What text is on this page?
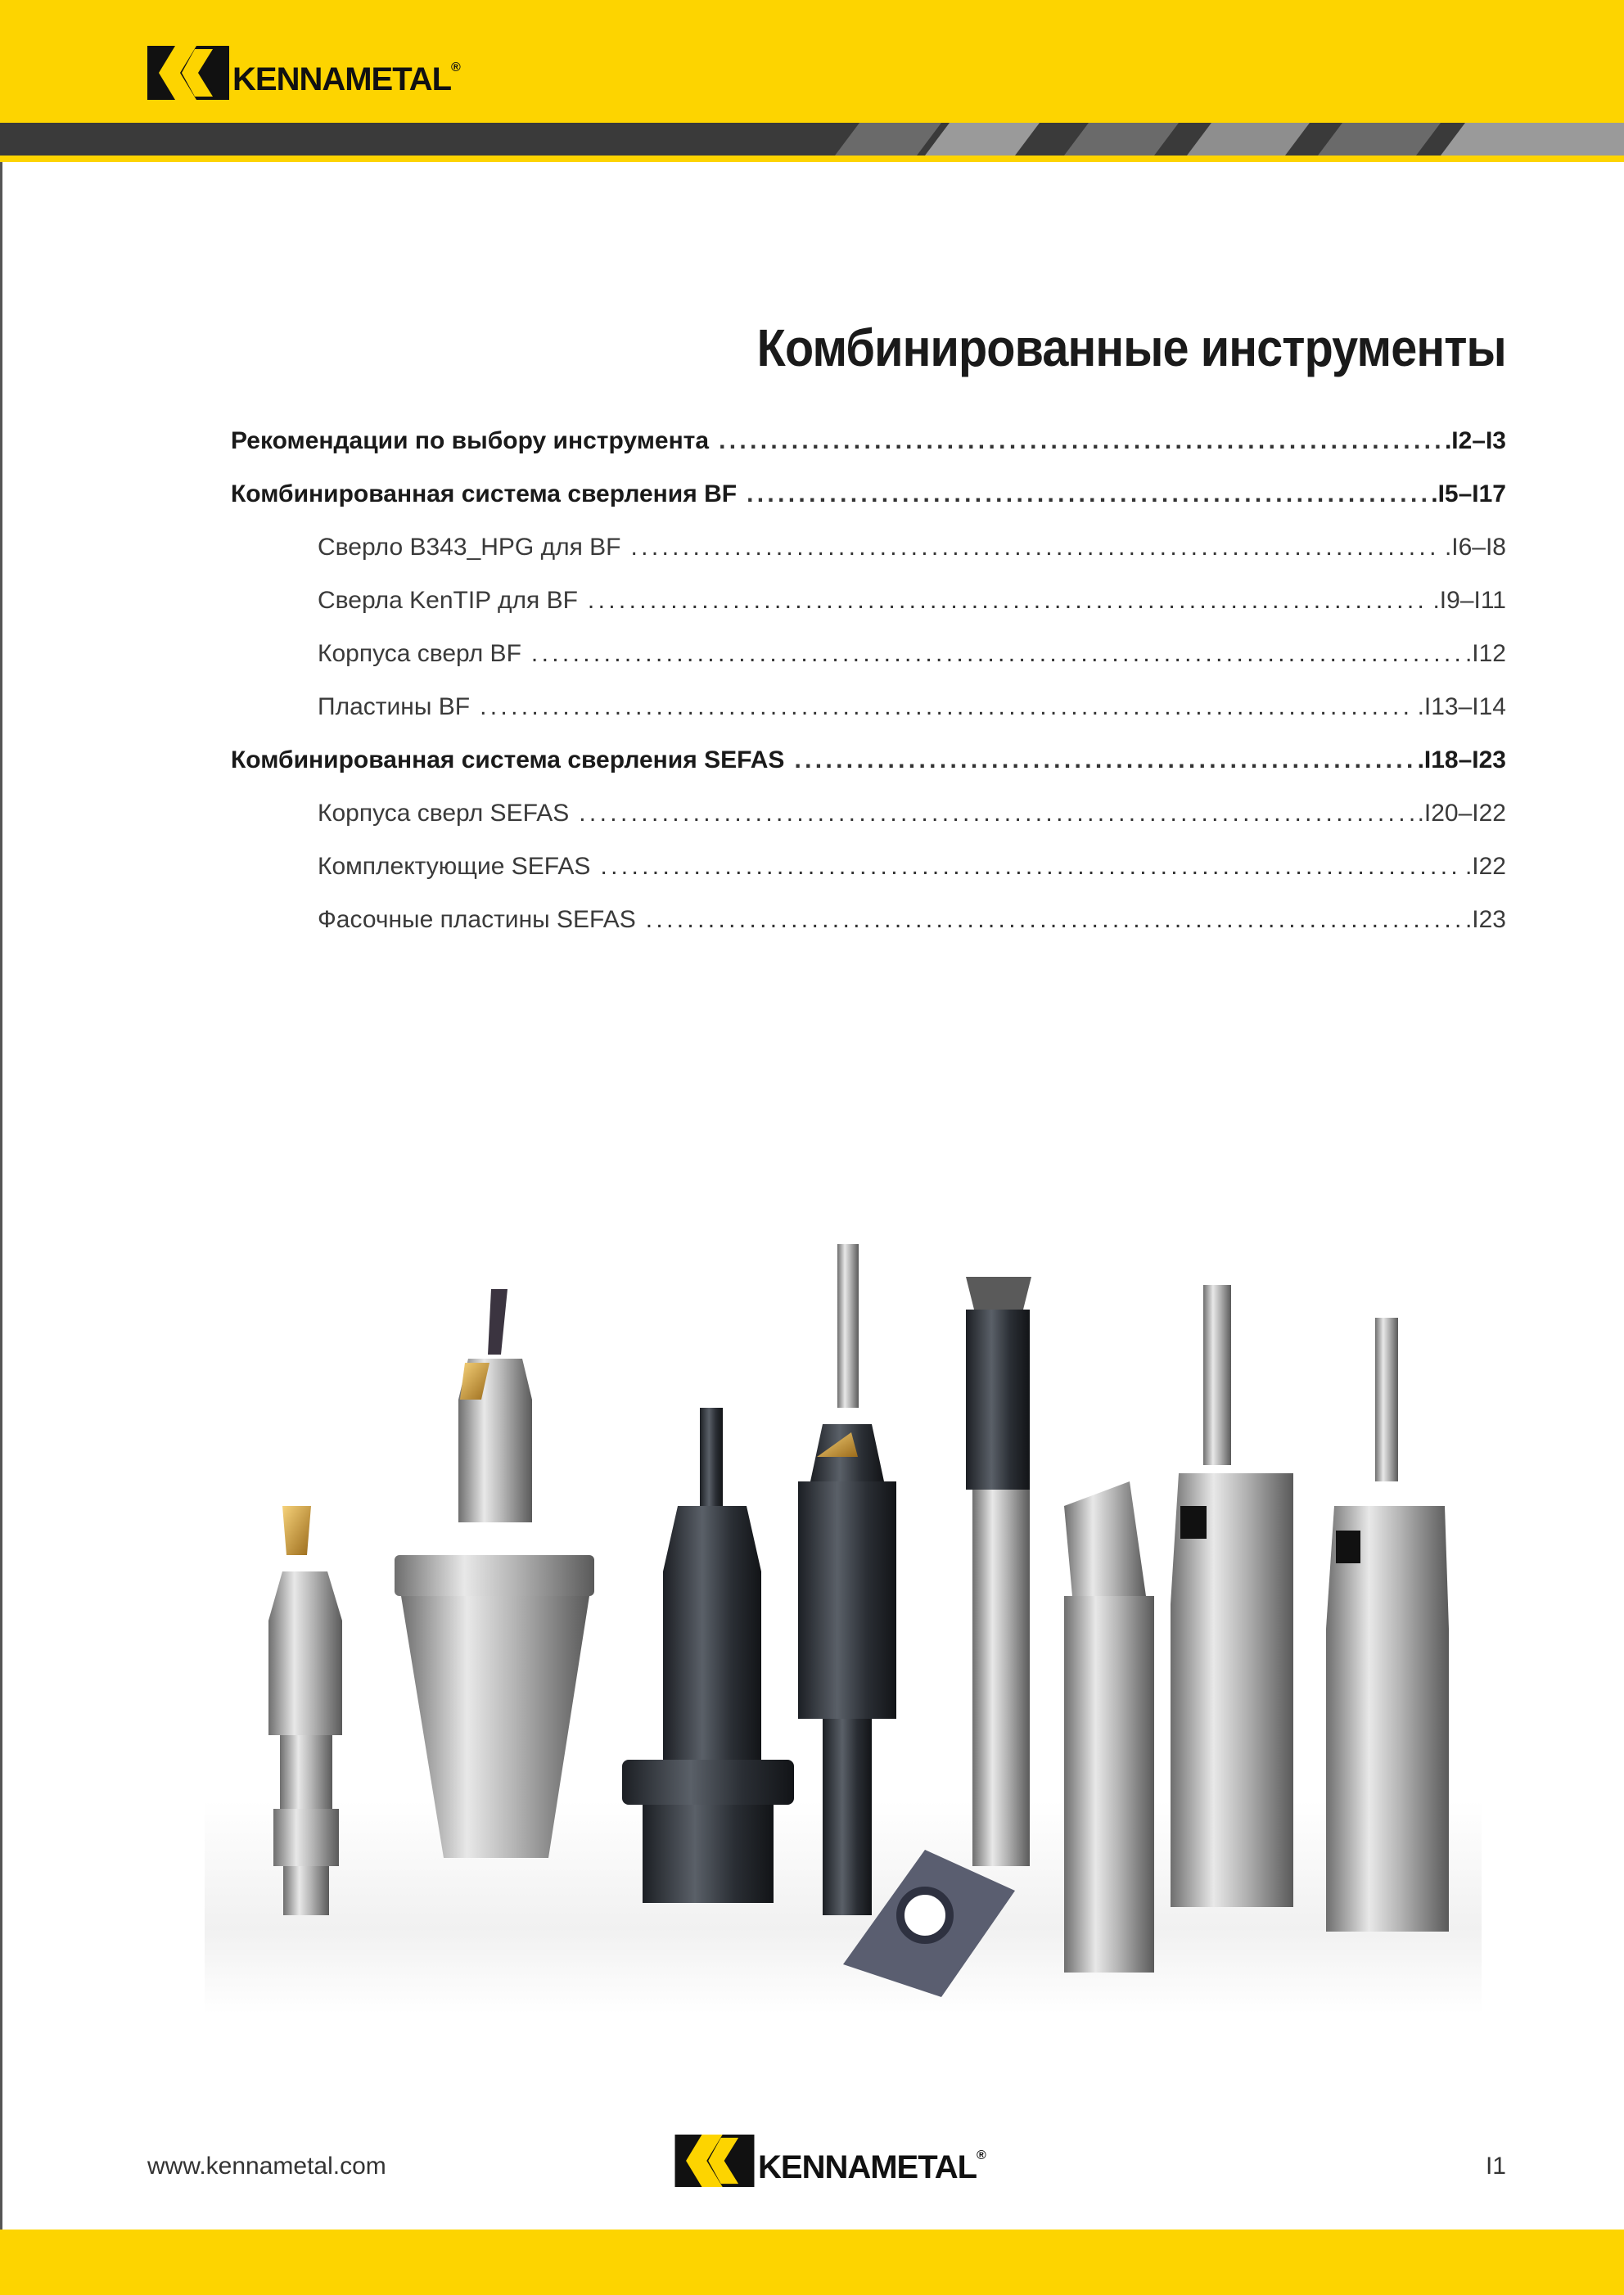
KENNAMETAL ®
Комбинированные инструменты
Рекомендации по выбору инструмента . . .	.I2–I3
Комбинированная система сверления BF . . .	.I5–I17
Сверло B343_HPG для BF . . .	.I6–I8
Сверла KenTIP для BF . . .	.I9–I11
Корпуса сверл BF . . .	.I12
Пластины BF . . .	.I13–I14
Комбинированная система сверления SEFAS . . .	.I18–I23
Корпуса сверл SEFAS . . .	.I20–I22
Комплектующие SEFAS . . .	.I22
Фасочные пластины SEFAS . . .	.I23
www.kennametal.com	KENNAMETAL ®	I1
